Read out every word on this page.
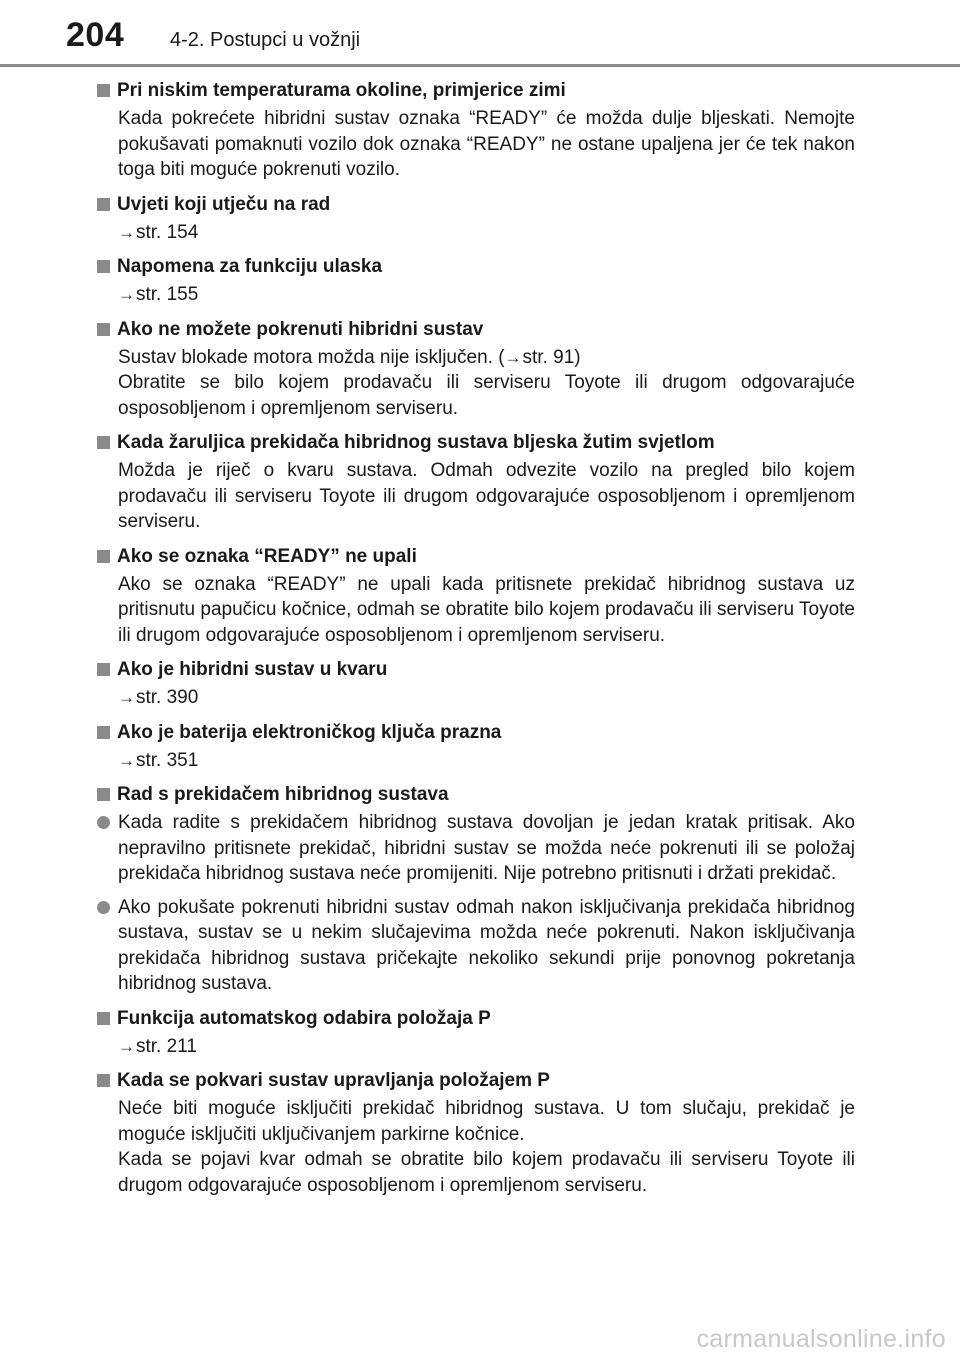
204 4-2. Postupci u vožnji
Pri niskim temperaturama okoline, primjerice zimi
Kada pokrećete hibridni sustav oznaka “READY” će možda dulje bljeskati. Nemojte pokušavati pomaknuti vozilo dok oznaka “READY” ne ostane upaljena jer će tek nakon toga biti moguće pokrenuti vozilo.
Uvjeti koji utječu na rad
→str. 154
Napomena za funkciju ulaska
→str. 155
Ako ne možete pokrenuti hibridni sustav
Sustav blokade motora možda nije isključen. (→str. 91)
Obratite se bilo kojem prodavaču ili serviseru Toyote ili drugom odgovarajuće osposobljenom i opremljenom serviseru.
Kada žaruljica prekidača hibridnog sustava bljeska žutim svjetlom
Možda je riječ o kvaru sustava. Odmah odvezite vozilo na pregled bilo kojem prodavaču ili serviseru Toyote ili drugom odgovarajuće osposobljenom i opremljenom serviseru.
Ako se oznaka “READY” ne upali
Ako se oznaka “READY” ne upali kada pritisnete prekidač hibridnog sustava uz pritisnutu papučicu kočnice, odmah se obratite bilo kojem prodavaču ili serviseru Toyote ili drugom odgovarajuće osposobljenom i opremljenom serviseru.
Ako je hibridni sustav u kvaru
→str. 390
Ako je baterija elektroničkog ključa prazna
→str. 351
Rad s prekidačem hibridnog sustava
Kada radite s prekidačem hibridnog sustava dovoljan je jedan kratak pritisak. Ako nepravilno pritisnete prekidač, hibridni sustav se možda neće pokrenuti ili se položaj prekidača hibridnog sustava neće promijeniti. Nije potrebno pritisnuti i držati prekidač.
Ako pokušate pokrenuti hibridni sustav odmah nakon isključivanja prekidača hibridnog sustava, sustav se u nekim slučajevima možda neće pokrenuti. Nakon isključivanja prekidača hibridnog sustava pričekajte nekoliko sekundi prije ponovnog pokretanja hibridnog sustava.
Funkcija automatskog odabira položaja P
→str. 211
Kada se pokvari sustav upravljanja položajem P
Neće biti moguće isključiti prekidač hibridnog sustava. U tom slučaju, prekidač je moguće isključiti uključivanjem parkirne kočnice.
Kada se pojavi kvar odmah se obratite bilo kojem prodavaču ili serviseru Toyote ili drugom odgovarajuće osposobljenom i opremljenom serviseru.
carmanualsonline.info
